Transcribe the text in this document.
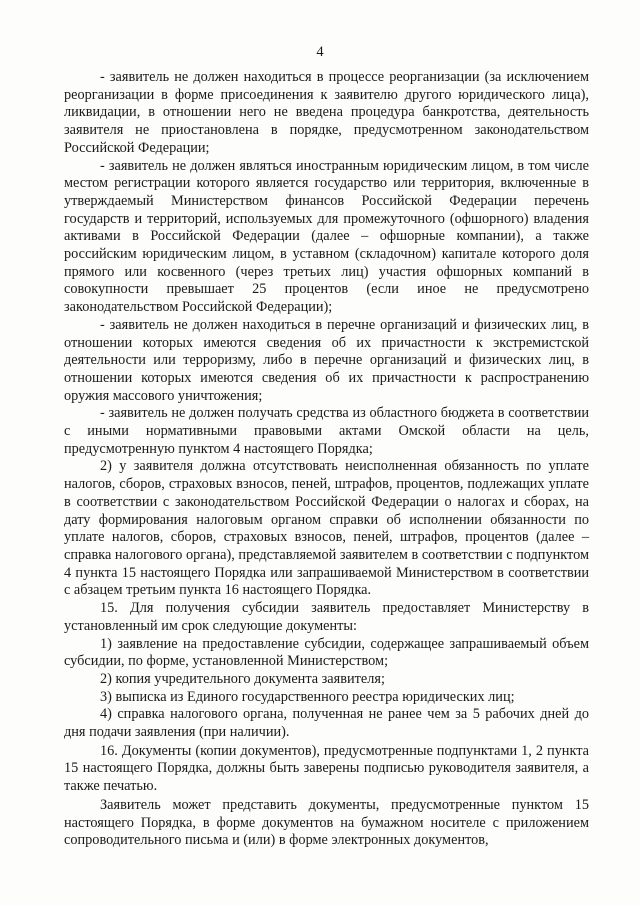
4

- заявитель не должен находиться в процессе реорганизации (за исключением реорганизации в форме присоединения к заявителю другого юридического лица), ликвидации, в отношении него не введена процедура банкротства, деятельность заявителя не приостановлена в порядке, предусмотренном законодательством Российской Федерации;

- заявитель не должен являться иностранным юридическим лицом, в том числе местом регистрации которого является государство или территория, включенные в утверждаемый Министерством финансов Российской Федерации перечень государств и территорий, используемых для промежуточного (офшорного) владения активами в Российской Федерации (далее – офшорные компании), а также российским юридическим лицом, в уставном (складочном) капитале которого доля прямого или косвенного (через третьих лиц) участия офшорных компаний в совокупности превышает 25 процентов (если иное не предусмотрено законодательством Российской Федерации);

- заявитель не должен находиться в перечне организаций и физических лиц, в отношении которых имеются сведения об их причастности к экстремистской деятельности или терроризму, либо в перечне организаций и физических лиц, в отношении которых имеются сведения об их причастности к распространению оружия массового уничтожения;

- заявитель не должен получать средства из областного бюджета в соответствии с иными нормативными правовыми актами Омской области на цель, предусмотренную пунктом 4 настоящего Порядка;

2) у заявителя должна отсутствовать неисполненная обязанность по уплате налогов, сборов, страховых взносов, пеней, штрафов, процентов, подлежащих уплате в соответствии с законодательством Российской Федерации о налогах и сборах, на дату формирования налоговым органом справки об исполнении обязанности по уплате налогов, сборов, страховых взносов, пеней, штрафов, процентов (далее – справка налогового органа), представляемой заявителем в соответствии с подпунктом 4 пункта 15 настоящего Порядка или запрашиваемой Министерством в соответствии с абзацем третьим пункта 16 настоящего Порядка.

15. Для получения субсидии заявитель предоставляет Министерству в установленный им срок следующие документы:

1) заявление на предоставление субсидии, содержащее запрашиваемый объем субсидии, по форме, установленной Министерством;

2) копия учредительного документа заявителя;

3) выписка из Единого государственного реестра юридических лиц;

4) справка налогового органа, полученная не ранее чем за 5 рабочих дней до дня подачи заявления (при наличии).

16. Документы (копии документов), предусмотренные подпунктами 1, 2 пункта 15 настоящего Порядка, должны быть заверены подписью руководителя заявителя, а также печатью.

Заявитель может представить документы, предусмотренные пунктом 15 настоящего Порядка, в форме документов на бумажном носителе с приложением сопроводительного письма и (или) в форме электронных документов,
